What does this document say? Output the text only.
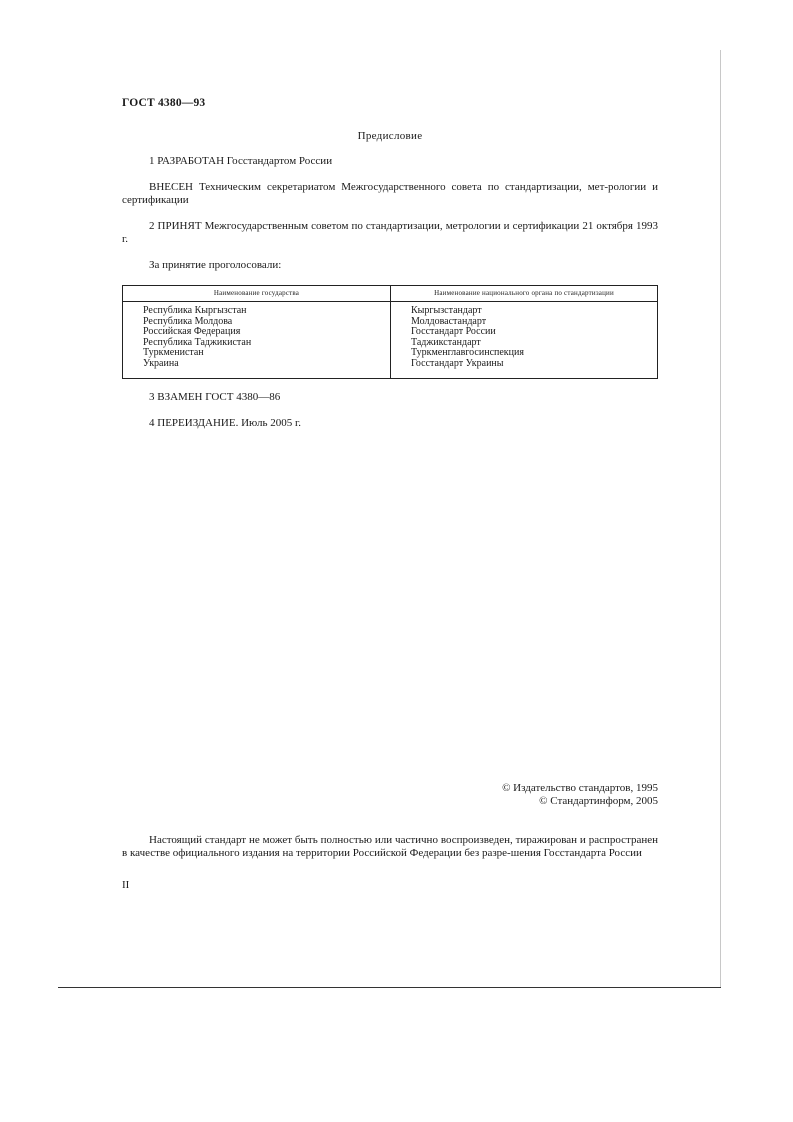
ГОСТ 4380—93
Предисловие

1 РАЗРАБОТАН Госстандартом России

ВНЕСЕН Техническим секретариатом Межгосударственного совета по стандартизации, мет-рологии и сертификации

2 ПРИНЯТ Межгосударственным советом по стандартизации, метрологии и сертификации 21 октября 1993 г.

За принятие проголосовали:

Наименование государства	Наименование национального органа по стандартизации
Республика Кыргызстан
Республика Молдова
Российская Федерация
Республика Таджикистан
Туркменистан
Украина
Кыргызстандарт
Молдовастандарт
Госстандарт России
Таджикстандарт
Туркменглавгосинспекция
Госстандарт Украины

3 ВЗАМЕН ГОСТ 4380—86

4 ПЕРЕИЗДАНИЕ. Июль 2005 г.

© Издательство стандартов, 1995
© Стандартинформ, 2005

Настоящий стандарт не может быть полностью или частично воспроизведен, тиражирован и распространен в качестве официального издания на территории Российской Федерации без разре-шения Госстандарта России

II
